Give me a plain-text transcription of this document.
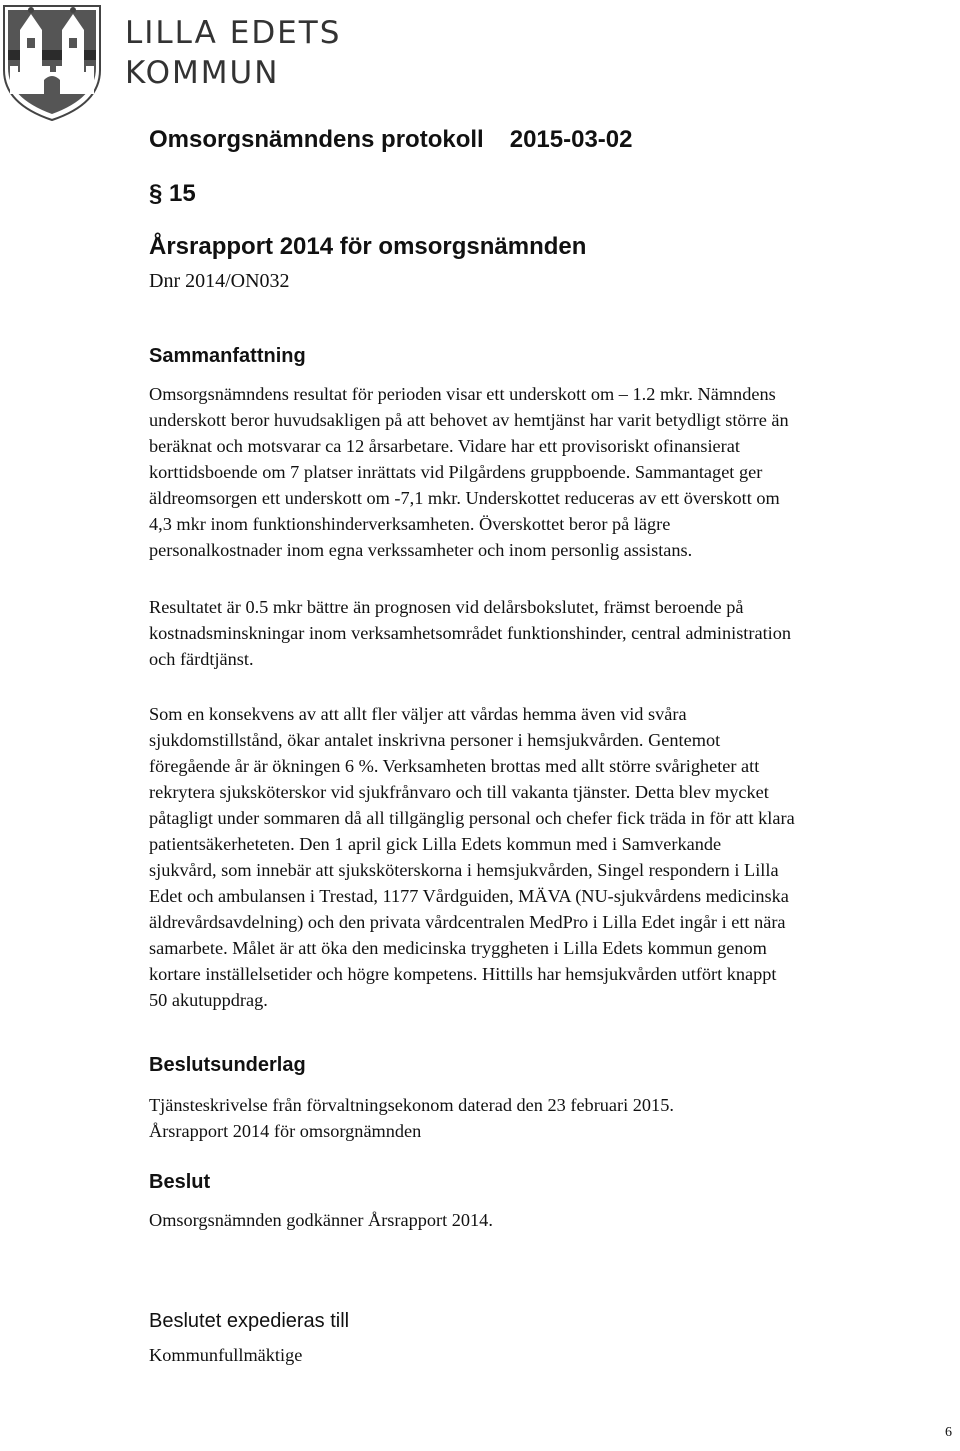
LILLA EDETS
KOMMUN
Omsorgsnämndens protokoll 2015-03-02
§ 15
Årsrapport 2014 för omsorgsnämnden
Dnr 2014/ON032
Sammanfattning
Omsorgsnämndens resultat för perioden visar ett underskott om – 1.2 mkr. Nämndens
underskott beror huvudsakligen på att behovet av hemtjänst har varit betydligt större än
beräknat och motsvarar ca 12 årsarbetare. Vidare har ett provisoriskt ofinansierat
korttidsboende om 7 platser inrättats vid Pilgårdens gruppboende. Sammantaget ger
äldreomsorgen ett underskott om -7,1 mkr. Underskottet reduceras av ett överskott om
4,3 mkr inom funktionshinderverksamheten. Överskottet beror på lägre
personalkostnader inom egna verkssamheter och inom personlig assistans.
Resultatet är 0.5 mkr bättre än prognosen vid delårsbokslutet, främst beroende på
kostnadsminskningar inom verksamhetsområdet funktionshinder, central administration
och färdtjänst.
Som en konsekvens av att allt fler väljer att vårdas hemma även vid svåra
sjukdomstillstånd, ökar antalet inskrivna personer i hemsjukvården. Gentemot
föregående år är ökningen 6 %. Verksamheten brottas med allt större svårigheter att
rekrytera sjuksköterskor vid sjukfrånvaro och till vakanta tjänster. Detta blev mycket
påtagligt under sommaren då all tillgänglig personal och chefer fick träda in för att klara
patientsäkerheteten. Den 1 april gick Lilla Edets kommun med i Samverkande
sjukvård, som innebär att sjuksköterskorna i hemsjukvården, Singel respondern i Lilla
Edet och ambulansen i Trestad, 1177 Vårdguiden, MÄVA (NU-sjukvårdens medicinska
äldrevårdsavdelning) och den privata vårdcentralen MedPro i Lilla Edet ingår i ett nära
samarbete. Målet är att öka den medicinska tryggheten i Lilla Edets kommun genom
kortare inställelsetider och högre kompetens. Hittills har hemsjukvården utfört knappt
50 akutuppdrag.
Beslutsunderlag
Tjänsteskrivelse från förvaltningsekonom daterad den 23 februari 2015.
Årsrapport 2014 för omsorgnämnden
Beslut
Omsorgsnämnden godkänner Årsrapport 2014.
Beslutet expedieras till
Kommunfullmäktige
6
